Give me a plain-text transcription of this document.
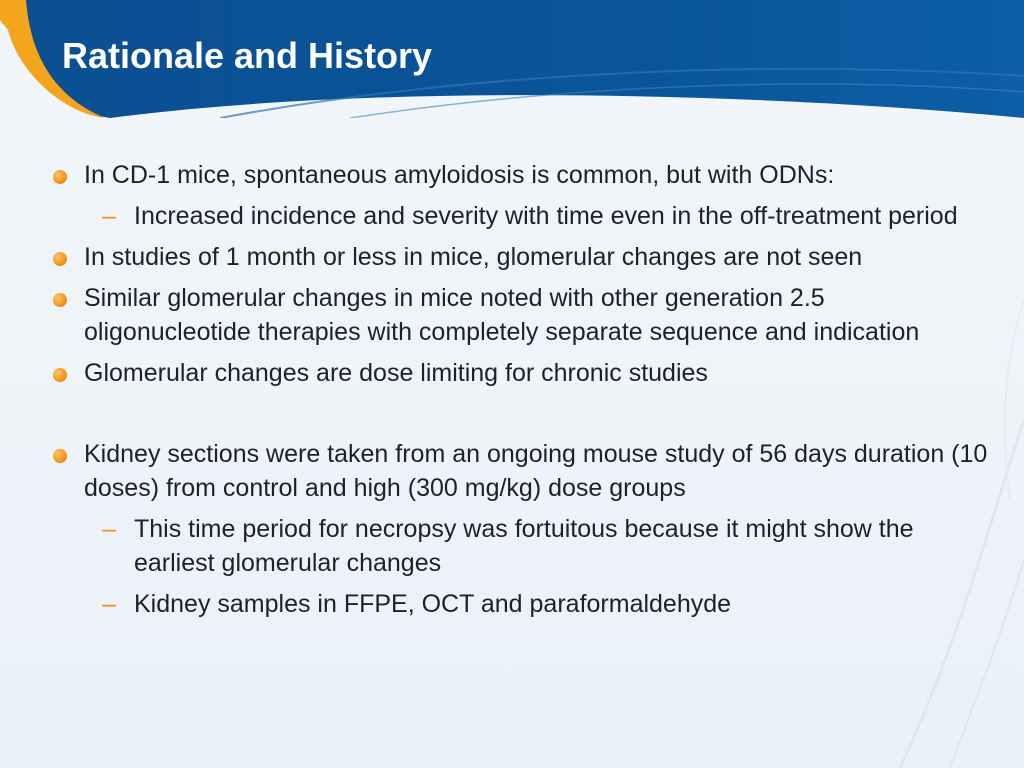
Rationale and History
In CD-1 mice, spontaneous amyloidosis is common, but with ODNs:
– Increased incidence and severity with time even in the off-treatment period
In studies of 1 month or less in mice, glomerular changes are not seen
Similar glomerular changes in mice noted with other generation 2.5 oligonucleotide therapies with completely separate sequence and indication
Glomerular changes are dose limiting for chronic studies
Kidney sections were taken from an ongoing mouse study of 56 days duration (10 doses) from control and high (300 mg/kg) dose groups
– This time period for necropsy was fortuitous because it might show the earliest glomerular changes
– Kidney samples in FFPE, OCT and paraformaldehyde
